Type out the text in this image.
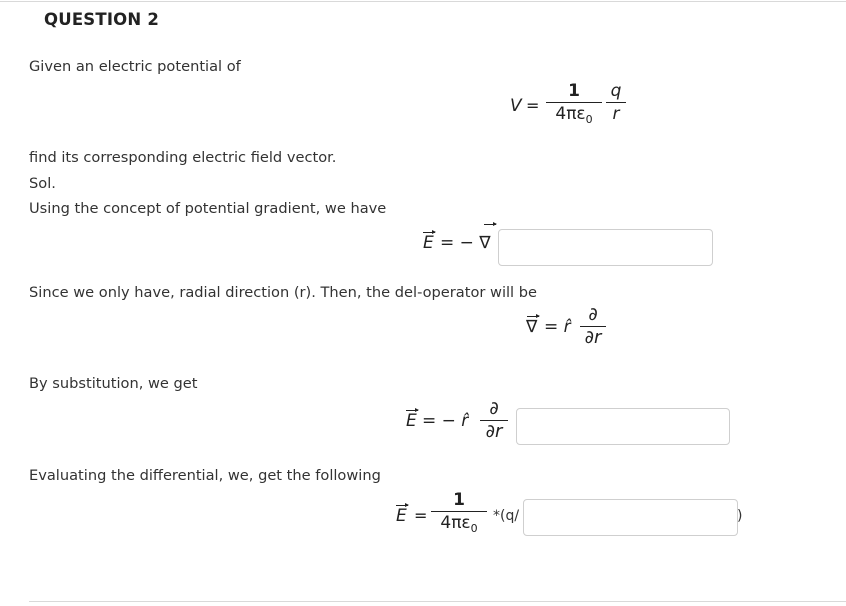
QUESTION 2
Given an electric potential of
V =
1
$4\pi\varepsilon_0$
q
r
find its corresponding electric field vector.
Sol.
Using the concept of potential gradient, we have
E = − ∇
Since we only have, radial direction (r). Then, the del-operator will be
∇ = r̂
∂
∂r
By substitution, we get
E = − r̂
∂
∂r
Evaluating the differential, we, get the following
E =
1
$4\pi\varepsilon_0$
*(q/	)
